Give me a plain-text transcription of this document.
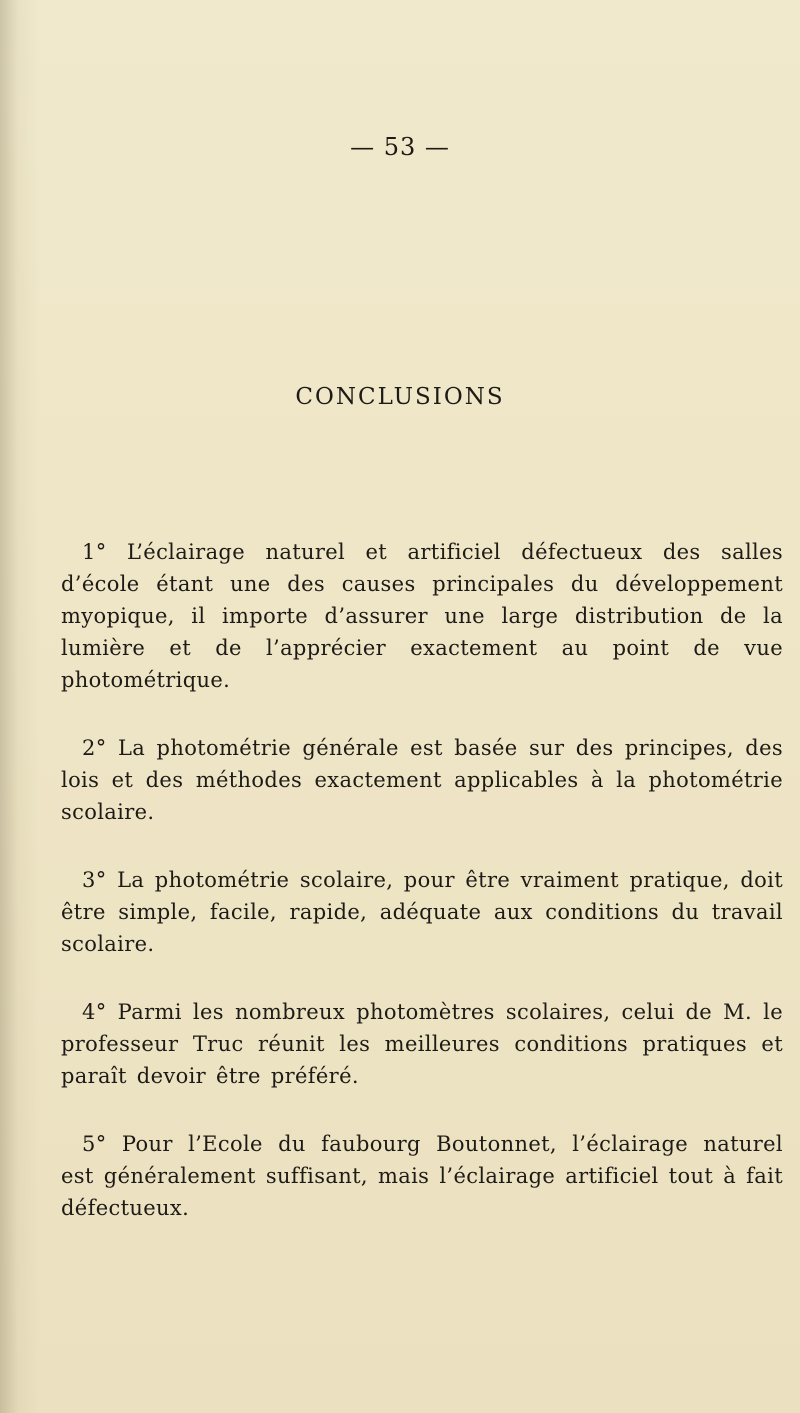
— 53 —
CONCLUSIONS

1° L’éclairage naturel et artificiel défectueux des salles d’école étant une des causes principales du développement myopique, il importe d’assurer une large distribution de la lumière et de l’apprécier exactement au point de vue photométrique.

2° La photométrie générale est basée sur des principes, des lois et des méthodes exactement applicables à la photométrie scolaire.

3° La photométrie scolaire, pour être vraiment pratique, doit être simple, facile, rapide, adéquate aux conditions du travail scolaire.

4° Parmi les nombreux photomètres scolaires, celui de M. le professeur Truc réunit les meilleures conditions pratiques et paraît devoir être préféré.

5° Pour l’Ecole du faubourg Boutonnet, l’éclairage naturel est généralement suffisant, mais l’éclairage artificiel tout à fait défectueux.
